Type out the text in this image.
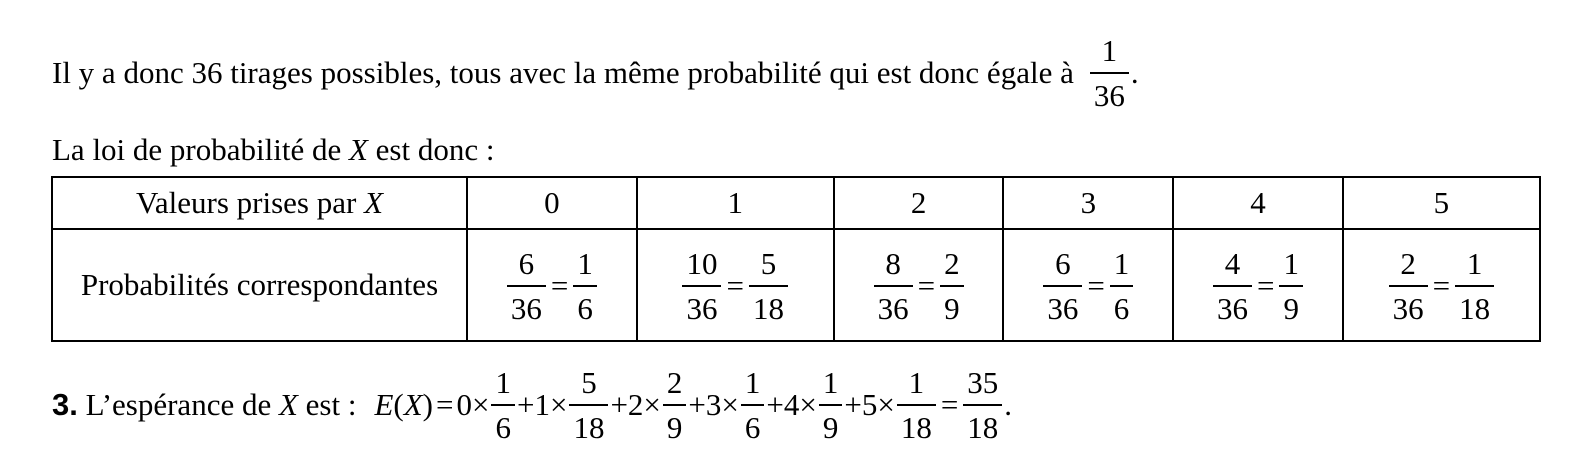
Il y a donc 36 tirages possibles, tous avec la même probabilité qui est donc égale à $\frac{1}{36}$ .
La loi de probabilité de
X
est donc :
Valeurs prises par X	0	1	2	3	4	5
Probabilités correspondantes	$\frac{6}{36} = \frac{1}{6}$	$\frac{10}{36} = \frac{5}{18}$	$\frac{8}{36} = \frac{2}{9}$	$\frac{6}{36} = \frac{1}{6}$	$\frac{4}{36} = \frac{1}{9}$	$\frac{2}{36} = \frac{1}{18}$
3.
L’espérance de
X
est : E $(X) = 0\times \frac{1}{6} +1\times \frac{5}{18} +2\times \frac{2}{9} +3\times \frac{1}{6} +4\times \frac{1}{9} +5\times \frac{1}{18} = \frac{35}{18}$ .
